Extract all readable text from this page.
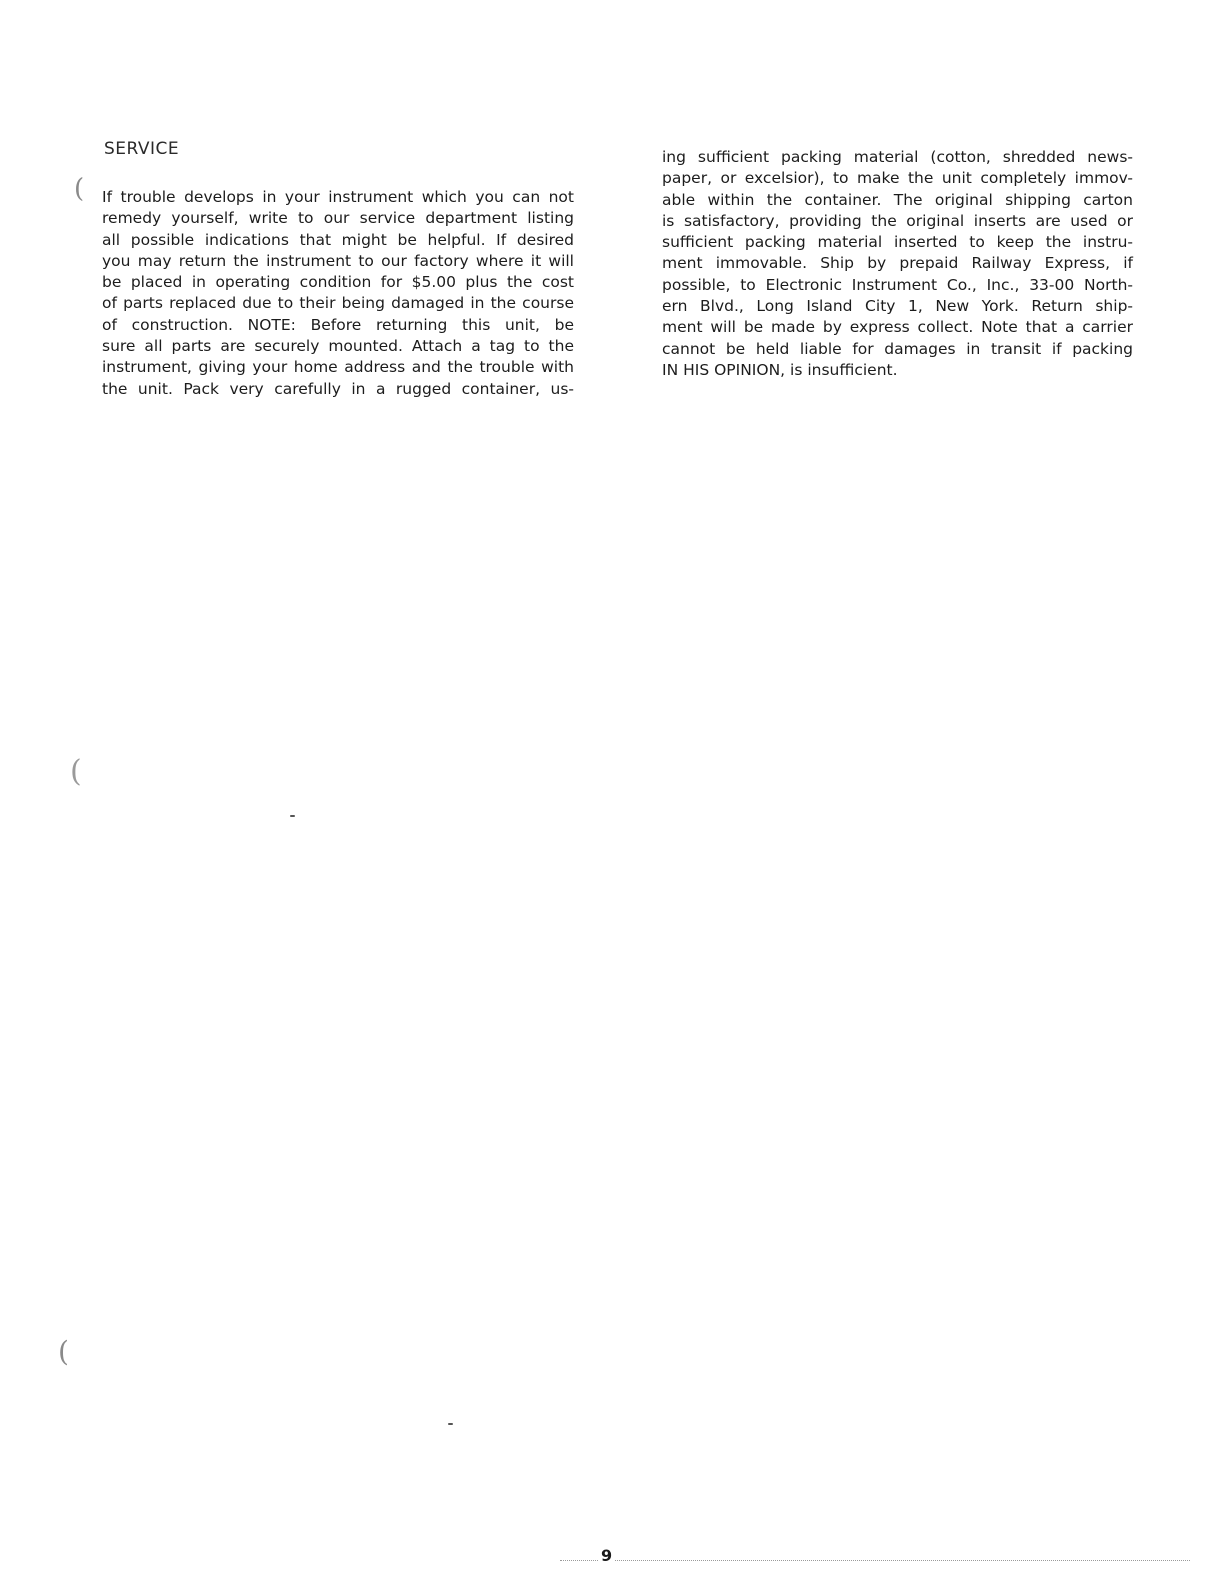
SERVICE
If trouble develops in your instrument which you can not
remedy yourself, write to our service department listing
all possible indications that might be helpful. If desired
you may return the instrument to our factory where it will
be placed in operating condition for $5.00 plus the cost
of parts replaced due to their being damaged in the course
of construction. NOTE: Before returning this unit, be
sure all parts are securely mounted. Attach a tag to the
instrument, giving your home address and the trouble with
the unit. Pack very carefully in a rugged container, us-
ing sufficient packing material (cotton, shredded news-
paper, or excelsior), to make the unit completely immov-
able within the container. The original shipping carton
is satisfactory, providing the original inserts are used or
sufficient packing material inserted to keep the instru-
ment immovable. Ship by prepaid Railway Express, if
possible, to Electronic Instrument Co., Inc., 33-00 North-
ern Blvd., Long Island City 1, New York. Return ship-
ment will be made by express collect. Note that a carrier
cannot be held liable for damages in transit if packing
IN HIS OPINION, is insufficient.
(
(
(
9
